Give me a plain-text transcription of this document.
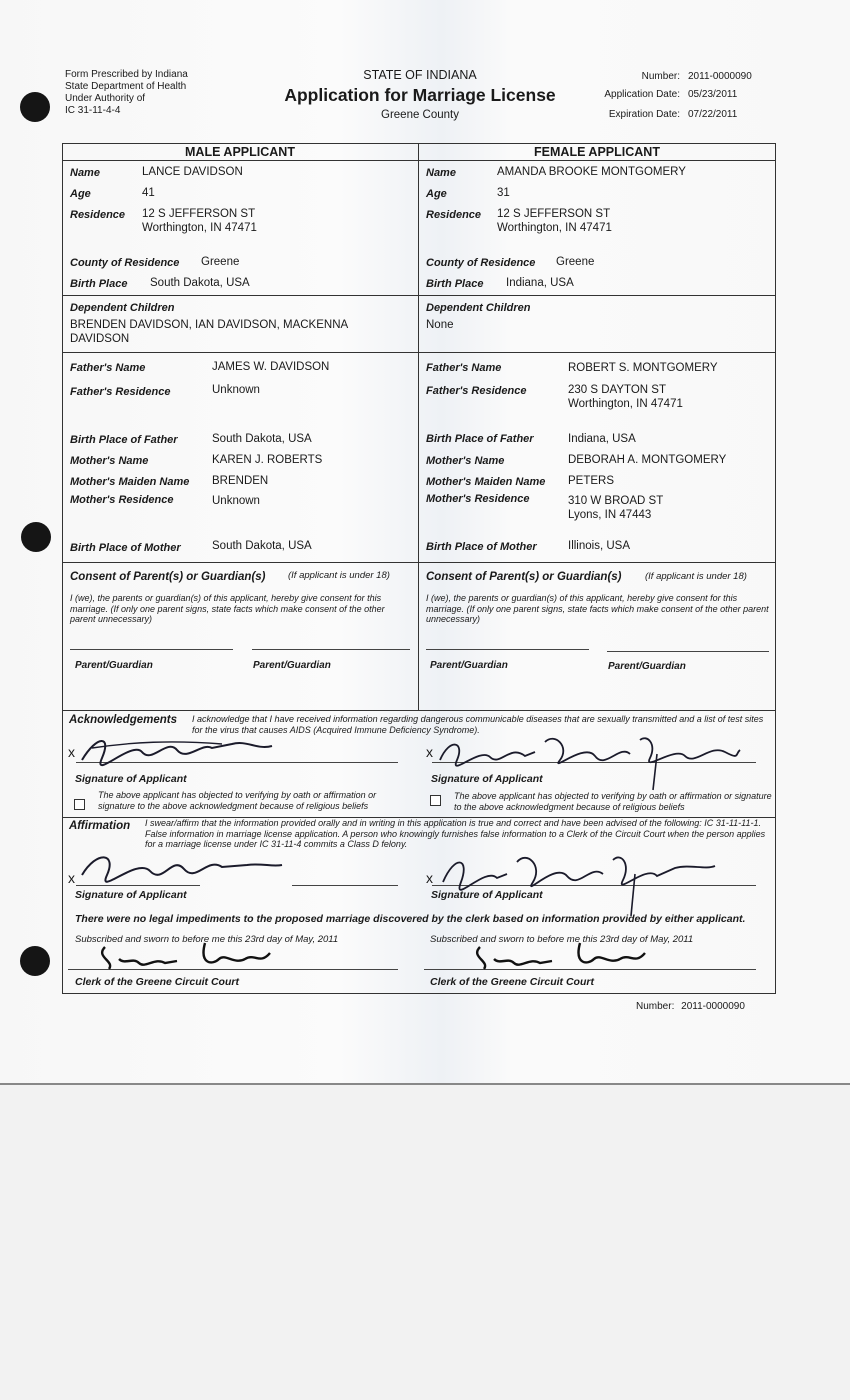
Form Prescribed by Indiana
State Department of Health
Under Authority of
IC 31-11-4-4
STATE OF INDIANA
Application for Marriage License
Greene County
Number: 2011-0000090
Application Date: 05/23/2011
Expiration Date: 07/22/2011
MALE APPLICANT	FEMALE APPLICANT
Name	LANCE DAVIDSON
Age	41
Residence 12 S JEFFERSON ST
Worthington, IN 47471
County of Residence Greene
Birth Place South Dakota, USA
Dependent Children
BRENDEN DAVIDSON, IAN DAVIDSON, MACKENNA
DAVIDSON
Father's Name	JAMES W. DAVIDSON
Father's Residence	Unknown
Birth Place of Father	South Dakota, USA
Mother's Name	KAREN J. ROBERTS
Mother's Maiden Name BRENDEN
Mother's Residence	Unknown
Birth Place of Mother	South Dakota, USA
Consent of Parent(s) or Guardian(s) (If applicant is under 18)
I (we), the parents or guardian(s) of this applicant, hereby give consent for this marriage. (If only one parent signs, state facts which make consent of the other parent unnecessary)
Parent/Guardian	Parent/Guardian
Name	AMANDA BROOKE MONTGOMERY
Age	31
Residence 12 S JEFFERSON ST
Worthington, IN 47471
County of Residence Greene
Birth Place Indiana, USA
Dependent Children
None
Father's Name	ROBERT S. MONTGOMERY
Father's Residence	230 S DAYTON ST
Worthington, IN 47471
Birth Place of Father	Indiana, USA
Mother's Name	DEBORAH A. MONTGOMERY
Mother's Maiden Name PETERS
Mother's Residence	310 W BROAD ST
Lyons, IN 47443
Birth Place of Mother	Illinois, USA
Consent of Parent(s) or Guardian(s) (If applicant is under 18)
I (we), the parents or guardian(s) of this applicant, hereby give consent for this marriage. (If only one parent signs, state facts which make consent of the other parent unnecessary)
Parent/Guardian	Parent/Guardian
Acknowledgements I acknowledge that I have received information regarding dangerous communicable diseases that are sexually transmitted and a list of test sites for the virus that causes AIDS (Acquired Immune Deficiency Syndrome).
x
Signature of Applicant
The above applicant has objected to verifying by oath or affirmation or signature to the above acknowledgment because of religious beliefs
x
Signature of Applicant
The above applicant has objected to verifying by oath or affirmation or signature to the above acknowledgment because of religious beliefs
Affirmation I swear/affirm that the information provided orally and in writing in this application is true and correct and have been advised of the following: IC 31-11-11-1. False information in marriage license application. A person who knowingly furnishes false information to a Clerk of the Circuit Court when the person applies for a marriage license under IC 31-11-4 commits a Class D felony.
x
Signature of Applicant
x
Signature of Applicant
There were no legal impediments to the proposed marriage discovered by the clerk based on information provided by either applicant.
Subscribed and sworn to before me this 23rd day of May, 2011
Clerk of the Greene Circuit Court
Subscribed and sworn to before me this 23rd day of May, 2011
Clerk of the Greene Circuit Court
Number: 2011-0000090
